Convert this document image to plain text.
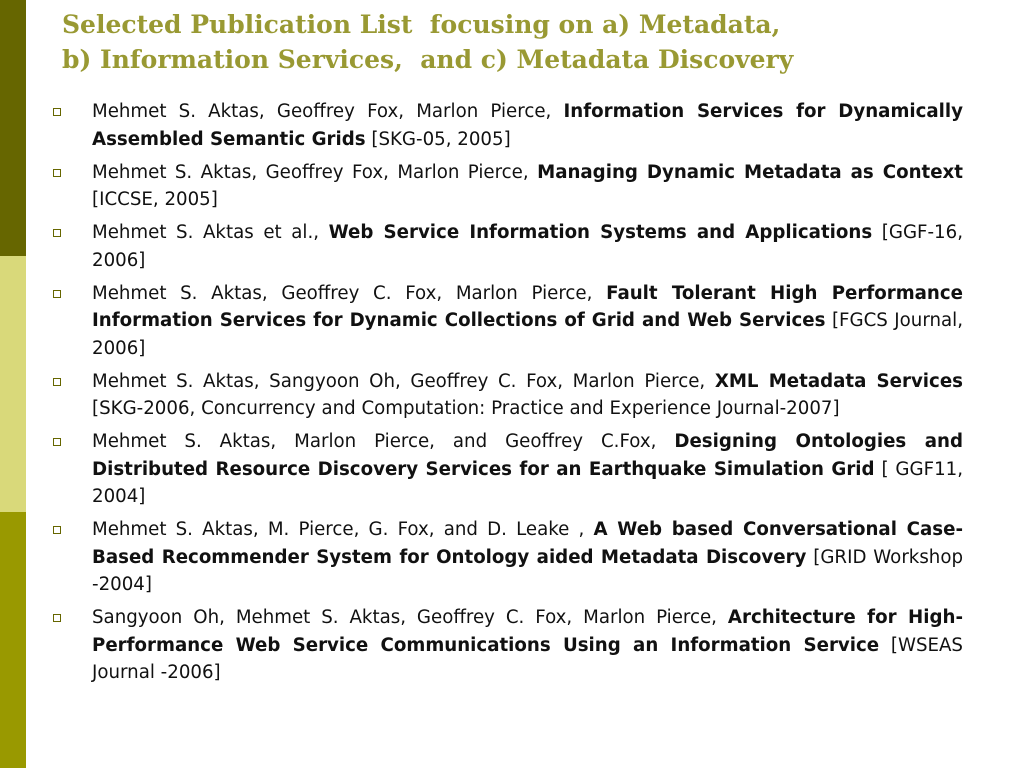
Selected Publication List  focusing on a) Metadata,
b) Information Services,  and c) Metadata Discovery
Mehmet S. Aktas, Geoffrey Fox, Marlon Pierce, Information Services for Dynamically Assembled Semantic Grids [SKG-05, 2005]
Mehmet S. Aktas, Geoffrey Fox, Marlon Pierce, Managing Dynamic Metadata as Context [ICCSE, 2005]
Mehmet S. Aktas et al., Web Service Information Systems and Applications [GGF-16, 2006]
Mehmet S. Aktas, Geoffrey C. Fox, Marlon Pierce, Fault Tolerant High Performance Information Services for Dynamic Collections of Grid and Web Services [FGCS Journal, 2006]
Mehmet S. Aktas, Sangyoon Oh, Geoffrey C. Fox, Marlon Pierce, XML Metadata Services [SKG-2006, Concurrency and Computation: Practice and Experience Journal-2007]
Mehmet S. Aktas, Marlon Pierce, and Geoffrey C.Fox, Designing Ontologies and Distributed Resource Discovery Services for an Earthquake Simulation Grid [ GGF11, 2004]
Mehmet S. Aktas, M. Pierce, G. Fox, and D. Leake , A Web based Conversational Case-Based Recommender System for Ontology aided Metadata Discovery [GRID Workshop -2004]
Sangyoon Oh, Mehmet S. Aktas, Geoffrey C. Fox, Marlon Pierce, Architecture for High-Performance Web Service Communications Using an Information Service [WSEAS Journal -2006]
